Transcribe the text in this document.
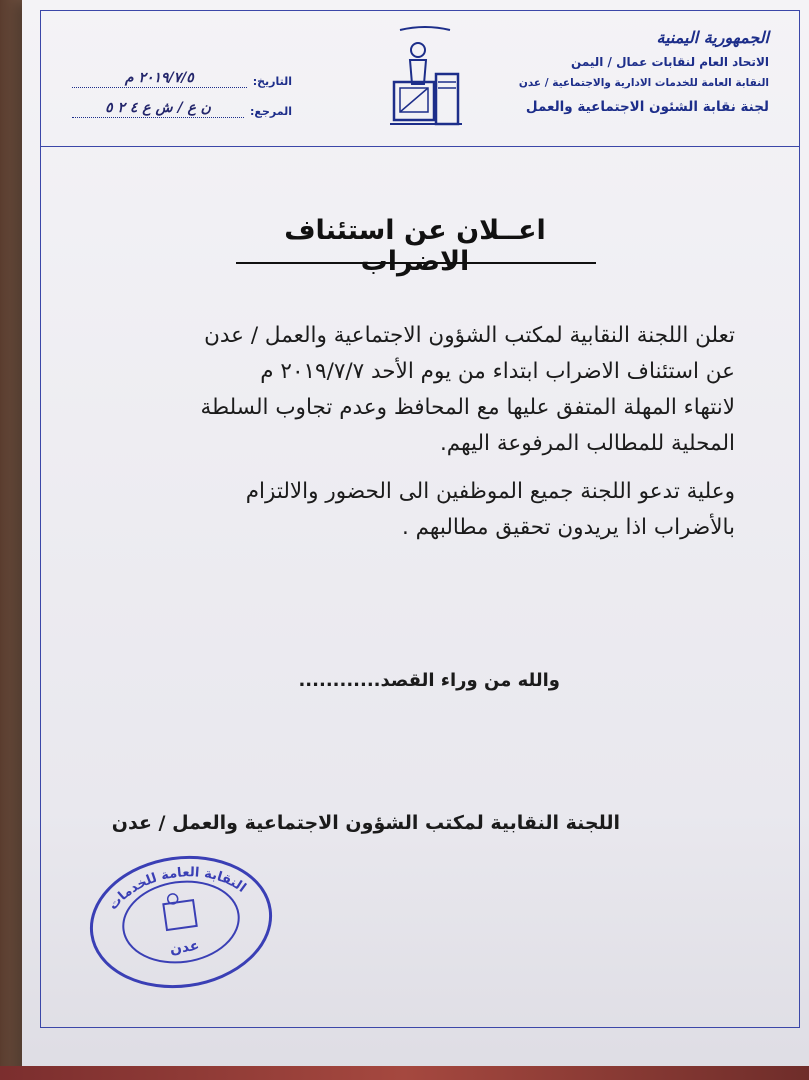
الجمهورية اليمنية
الاتحاد العام لنقابات عمال / اليمن
النقابة العامة للخدمات الادارية والاجتماعية / عدن
لجنة نقابة الشئون الاجتماعية والعمل
التاريخ:
٢٠١٩/٧/٥ م
المرجع:
ن ع / ش ع ٤ ٢ ٥
اعــلان عن استئناف الاضراب
تعلن اللجنة النقابية لمكتب الشؤون الاجتماعية والعمل / عدن
عن استئناف الاضراب ابتداء من يوم الأحد ٢٠١٩/٧/٧ م
لانتهاء المهلة المتفق عليها مع المحافظ وعدم تجاوب السلطة
المحلية للمطالب المرفوعة اليهم.
وعلية تدعو اللجنة جميع الموظفين الى الحضور والالتزام
بالأضراب اذا يريدون تحقيق مطالبهم .
والله من وراء القصد............
اللجنة النقابية لمكتب الشؤون الاجتماعية والعمل / عدن
النقابة العامة للخدمات
عدن
